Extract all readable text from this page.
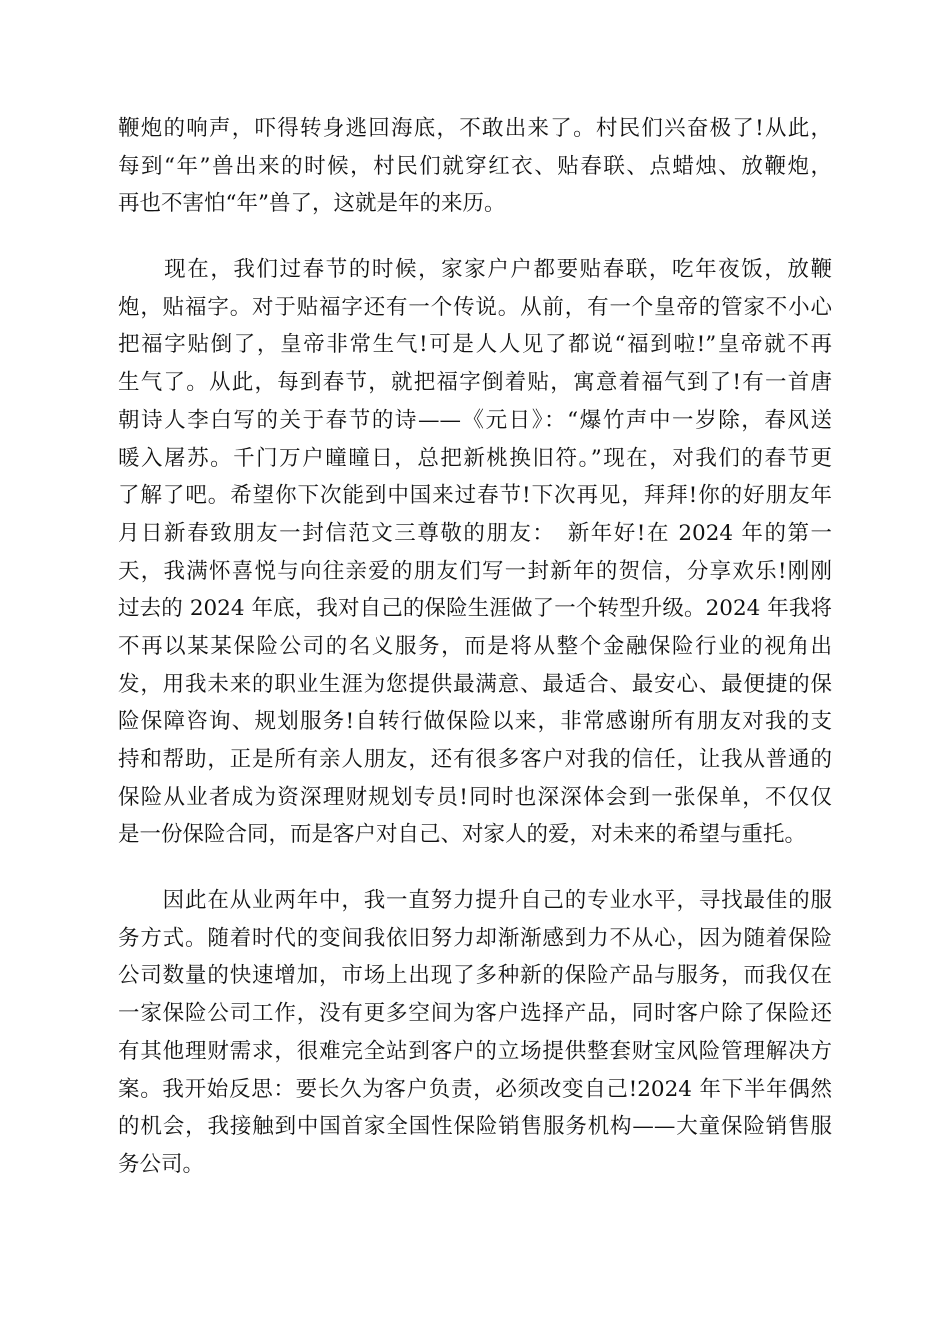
鞭炮的响声，吓得转身逃回海底，不敢出来了。村民们兴奋极了!从此，
每到“年”兽出来的时候，村民们就穿红衣、贴春联、点蜡烛、放鞭炮，
再也不害怕“年”兽了，这就是年的来历。
　　现在，我们过春节的时候，家家户户都要贴春联，吃年夜饭，放鞭
炮，贴福字。对于贴福字还有一个传说。从前，有一个皇帝的管家不小心
把福字贴倒了，皇帝非常生气!可是人人见了都说“福到啦!”皇帝就不再
生气了。从此，每到春节，就把福字倒着贴，寓意着福气到了!有一首唐
朝诗人李白写的关于春节的诗——《元日》：“爆竹声中一岁除，春风送
暖入屠苏。千门万户曈曈日，总把新桃换旧符。”现在，对我们的春节更
了解了吧。希望你下次能到中国来过春节!下次再见，拜拜!你的好朋友年
月日新春致朋友一封信范文三尊敬的朋友：　新年好!在 2024 年的第一
天，我满怀喜悦与向往亲爱的朋友们写一封新年的贺信，分享欢乐!刚刚
过去的 2024 年底，我对自己的保险生涯做了一个转型升级。2024 年我将
不再以某某保险公司的名义服务，而是将从整个金融保险行业的视角出
发，用我未来的职业生涯为您提供最满意、最适合、最安心、最便捷的保
险保障咨询、规划服务!自转行做保险以来，非常感谢所有朋友对我的支
持和帮助，正是所有亲人朋友，还有很多客户对我的信任，让我从普通的
保险从业者成为资深理财规划专员!同时也深深体会到一张保单，不仅仅
是一份保险合同，而是客户对自己、对家人的爱，对未来的希望与重托。
　　因此在从业两年中，我一直努力提升自己的专业水平，寻找最佳的服
务方式。随着时代的变间我依旧努力却渐渐感到力不从心，因为随着保险
公司数量的快速增加，市场上出现了多种新的保险产品与服务，而我仅在
一家保险公司工作，没有更多空间为客户选择产品，同时客户除了保险还
有其他理财需求，很难完全站到客户的立场提供整套财宝风险管理解决方
案。我开始反思：要长久为客户负责，必须改变自己!2024 年下半年偶然
的机会，我接触到中国首家全国性保险销售服务机构——大童保险销售服
务公司。
